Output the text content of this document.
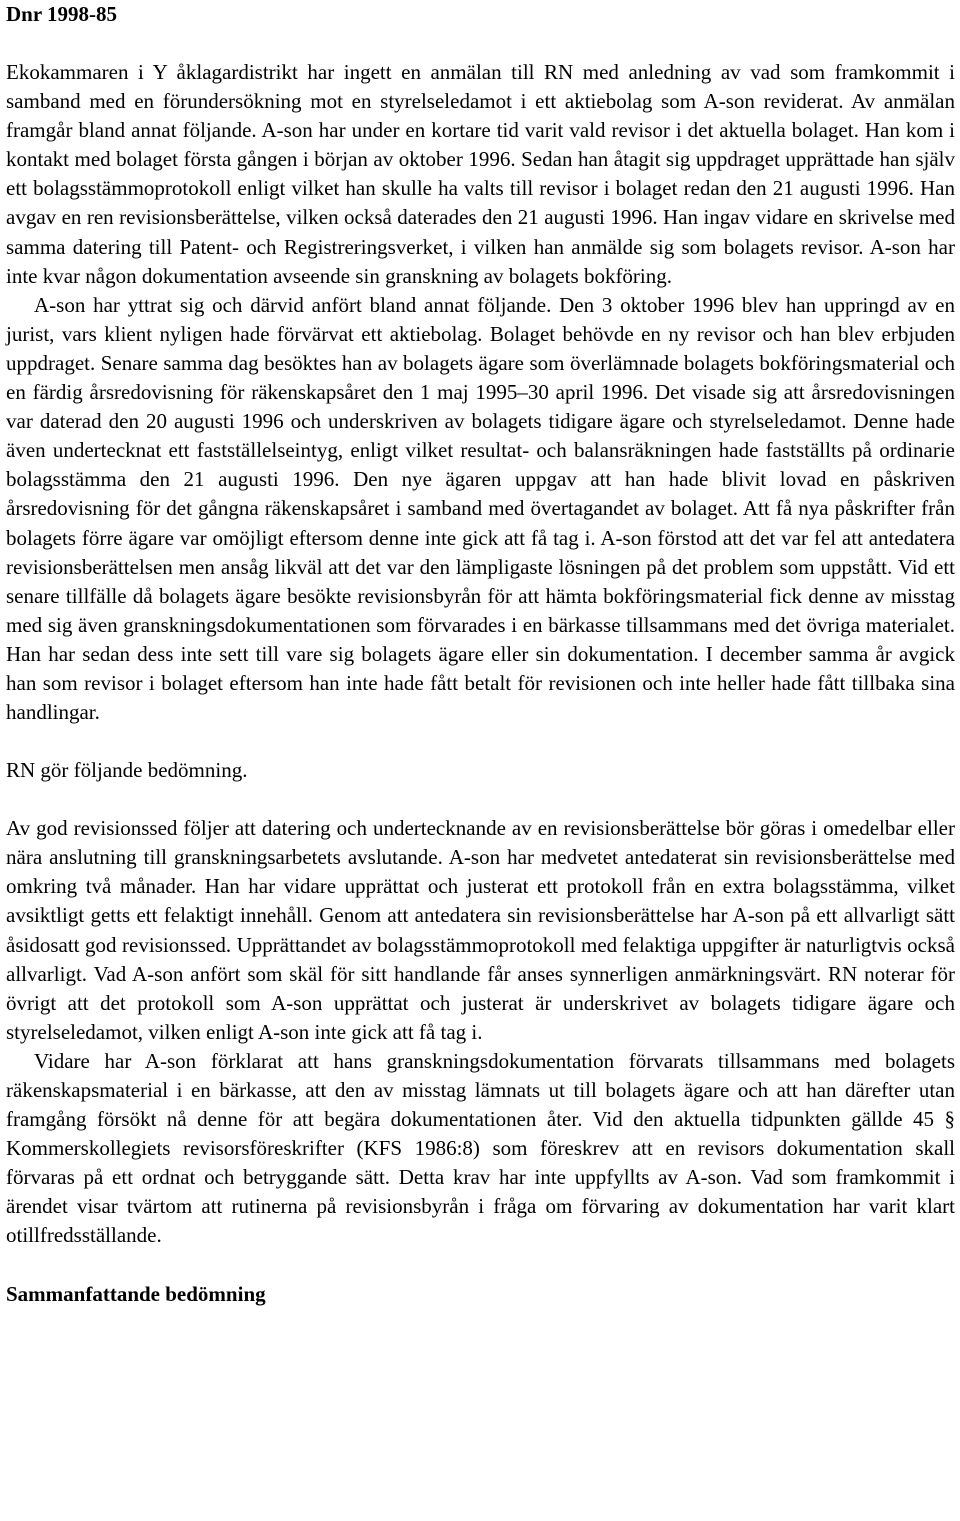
Dnr 1998-85

Ekokammaren i Y åklagardistrikt har ingett en anmälan till RN med anledning av vad som framkommit i samband med en förundersökning mot en styrelseledamot i ett aktiebolag som A-son reviderat. Av anmälan framgår bland annat följande. A-son har under en kortare tid varit vald revisor i det aktuella bolaget. Han kom i kontakt med bolaget första gången i början av oktober 1996. Sedan han åtagit sig uppdraget upprättade han själv ett bolagsstämmoprotokoll enligt vilket han skulle ha valts till revisor i bolaget redan den 21 augusti 1996. Han avgav en ren revisionsberättelse, vilken också daterades den 21 augusti 1996. Han ingav vidare en skrivelse med samma datering till Patent- och Registreringsverket, i vilken han anmälde sig som bolagets revisor. A-son har inte kvar någon dokumentation avseende sin granskning av bolagets bokföring.

A-son har yttrat sig och därvid anfört bland annat följande. Den 3 oktober 1996 blev han uppringd av en jurist, vars klient nyligen hade förvärvat ett aktiebolag. Bolaget behövde en ny revisor och han blev erbjuden uppdraget. Senare samma dag besöktes han av bolagets ägare som överlämnade bolagets bokföringsmaterial och en färdig årsredovisning för räkenskapsåret den 1 maj 1995–30 april 1996. Det visade sig att årsredovisningen var daterad den 20 augusti 1996 och underskriven av bolagets tidigare ägare och styrelseledamot. Denne hade även undertecknat ett fastställelseintyg, enligt vilket resultat- och balansräkningen hade fastställts på ordinarie bolagsstämma den 21 augusti 1996. Den nye ägaren uppgav att han hade blivit lovad en påskriven årsredovisning för det gångna räkenskapsåret i samband med övertagandet av bolaget. Att få nya påskrifter från bolagets förre ägare var omöjligt eftersom denne inte gick att få tag i. A-son förstod att det var fel att antedatera revisionsberättelsen men ansåg likväl att det var den lämpligaste lösningen på det problem som uppstått. Vid ett senare tillfälle då bolagets ägare besökte revisionsbyrån för att hämta bokföringsmaterial fick denne av misstag med sig även granskningsdokumentationen som förvarades i en bärkasse tillsammans med det övriga materialet. Han har sedan dess inte sett till vare sig bolagets ägare eller sin dokumentation. I december samma år avgick han som revisor i bolaget eftersom han inte hade fått betalt för revisionen och inte heller hade fått tillbaka sina handlingar.

RN gör följande bedömning.

Av god revisionssed följer att datering och undertecknande av en revisionsberättelse bör göras i omedelbar eller nära anslutning till granskningsarbetets avslutande. A-son har medvetet antedaterat sin revisionsberättelse med omkring två månader. Han har vidare upprättat och justerat ett protokoll från en extra bolagsstämma, vilket avsiktligt getts ett felaktigt innehåll. Genom att antedatera sin revisionsberättelse har A-son på ett allvarligt sätt åsidosatt god revisionssed. Upprättandet av bolagsstämmoprotokoll med felaktiga uppgifter är naturligtvis också allvarligt. Vad A-son anfört som skäl för sitt handlande får anses synnerligen anmärkningsvärt. RN noterar för övrigt att det protokoll som A-son upprättat och justerat är underskrivet av bolagets tidigare ägare och styrelseledamot, vilken enligt A-son inte gick att få tag i.

Vidare har A-son förklarat att hans granskningsdokumentation förvarats tillsammans med bolagets räkenskapsmaterial i en bärkasse, att den av misstag lämnats ut till bolagets ägare och att han därefter utan framgång försökt nå denne för att begära dokumentationen åter. Vid den aktuella tidpunkten gällde 45 § Kommerskollegiets revisorsföreskrifter (KFS 1986:8) som föreskrev att en revisors dokumentation skall förvaras på ett ordnat och betryggande sätt. Detta krav har inte uppfyllts av A-son. Vad som framkommit i ärendet visar tvärtom att rutinerna på revisionsbyrån i fråga om förvaring av dokumentation har varit klart otillfredsställande.

Sammanfattande bedömning
